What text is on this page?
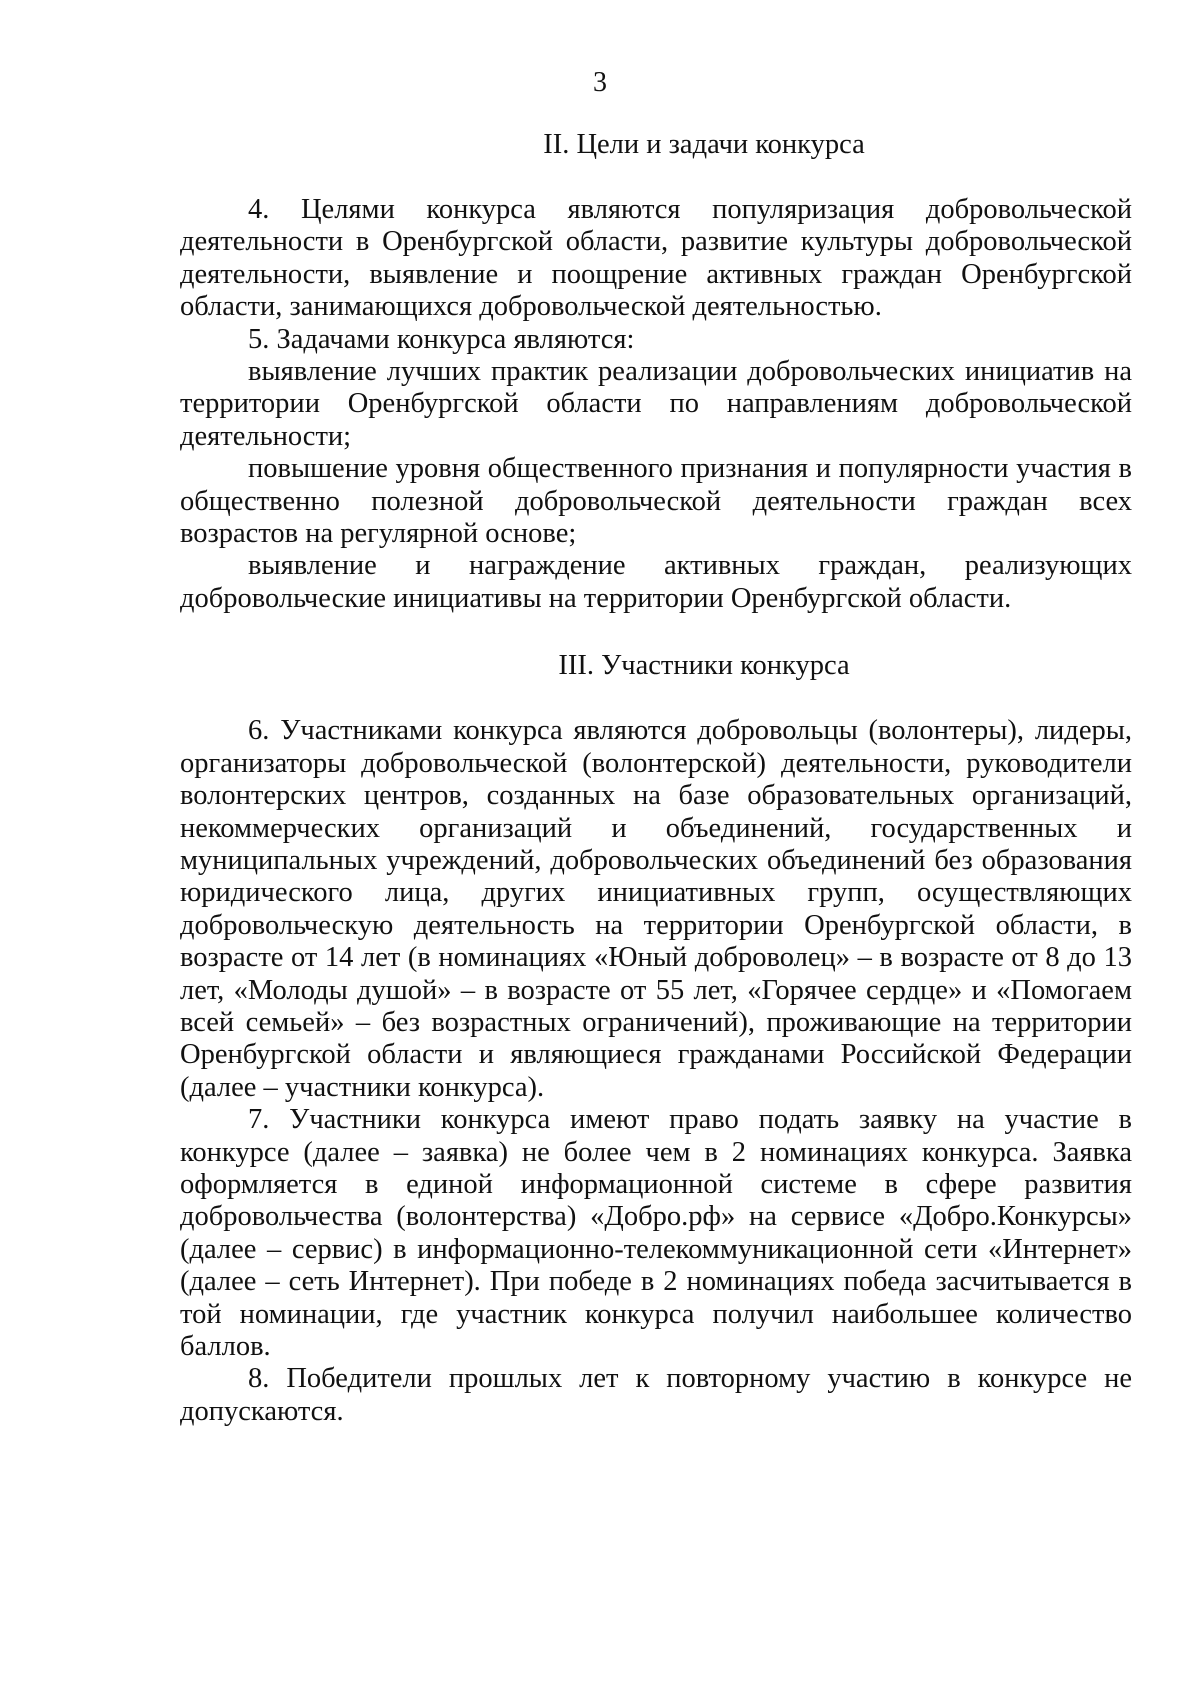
3
II. Цели и задачи конкурса

4. Целями конкурса являются популяризация добровольческой деятельности в Оренбургской области, развитие культуры добровольческой деятельности, выявление и поощрение активных граждан Оренбургской области, занимающихся добровольческой деятельностью.

5. Задачами конкурса являются:

выявление лучших практик реализации добровольческих инициатив на территории Оренбургской области по направлениям добровольческой деятельности;

повышение уровня общественного признания и популярности участия в общественно полезной добровольческой деятельности граждан всех возрастов на регулярной основе;

выявление и награждение активных граждан, реализующих добровольческие инициативы на территории Оренбургской области.

III. Участники конкурса

6. Участниками конкурса являются добровольцы (волонтеры), лидеры, организаторы добровольческой (волонтерской) деятельности, руководители волонтерских центров, созданных на базе образовательных организаций, некоммерческих организаций и объединений, государственных и муниципальных учреждений, добровольческих объединений без образования юридического лица, других инициативных групп, осуществляющих добровольческую деятельность на территории Оренбургской области, в возрасте от 14 лет (в номинациях «Юный доброволец» – в возрасте от 8 до 13 лет, «Молоды душой» – в возрасте от 55 лет, «Горячее сердце» и «Помогаем всей семьей» – без возрастных ограничений), проживающие на территории Оренбургской области и являющиеся гражданами Российской Федерации (далее – участники конкурса).

7. Участники конкурса имеют право подать заявку на участие в конкурсе (далее – заявка) не более чем в 2 номинациях конкурса. Заявка оформляется в единой информационной системе в сфере развития добровольчества (волонтерства) «Добро.рф» на сервисе «Добро.Конкурсы» (далее – сервис) в информационно-телекоммуникационной сети «Интернет» (далее – сеть Интернет). При победе в 2 номинациях победа засчитывается в той номинации, где участник конкурса получил наибольшее количество баллов.

8. Победители прошлых лет к повторному участию в конкурсе не допускаются.
